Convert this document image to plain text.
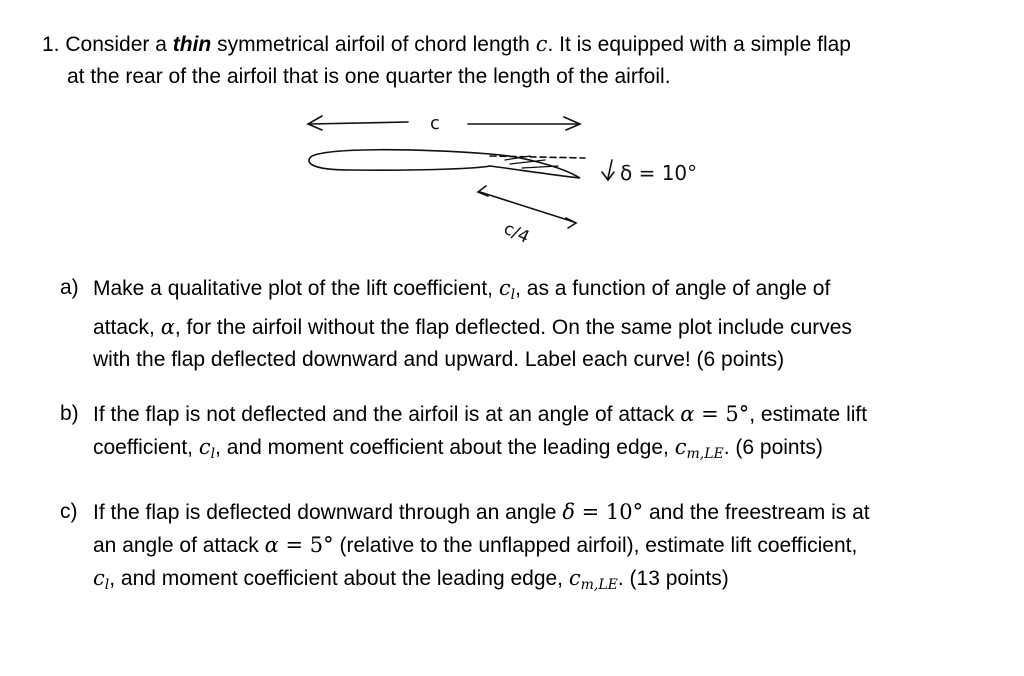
1. Consider a thin symmetrical airfoil of chord length c. It is equipped with a simple flap
at the rear of the airfoil that is one quarter the length of the airfoil.
c
δ = 10°
c/4
a) Make a qualitative plot of the lift coefficient, $c_l$, as a function of angle of angle of
attack, α, for the airfoil without the flap deflected. On the same plot include curves
with the flap deflected downward and upward. Label each curve! (6 points)
b) If the flap is not deflected and the airfoil is at an angle of attack α = 5°, estimate lift
coefficient, $c_l$, and moment coefficient about the leading edge, $c_{m,LE}$. (6 points)
c) If the flap is deflected downward through an angle δ = 10° and the freestream is at
an angle of attack α = 5° (relative to the unflapped airfoil), estimate lift coefficient,
$c_l$, and moment coefficient about the leading edge, $c_{m,LE}$. (13 points)
